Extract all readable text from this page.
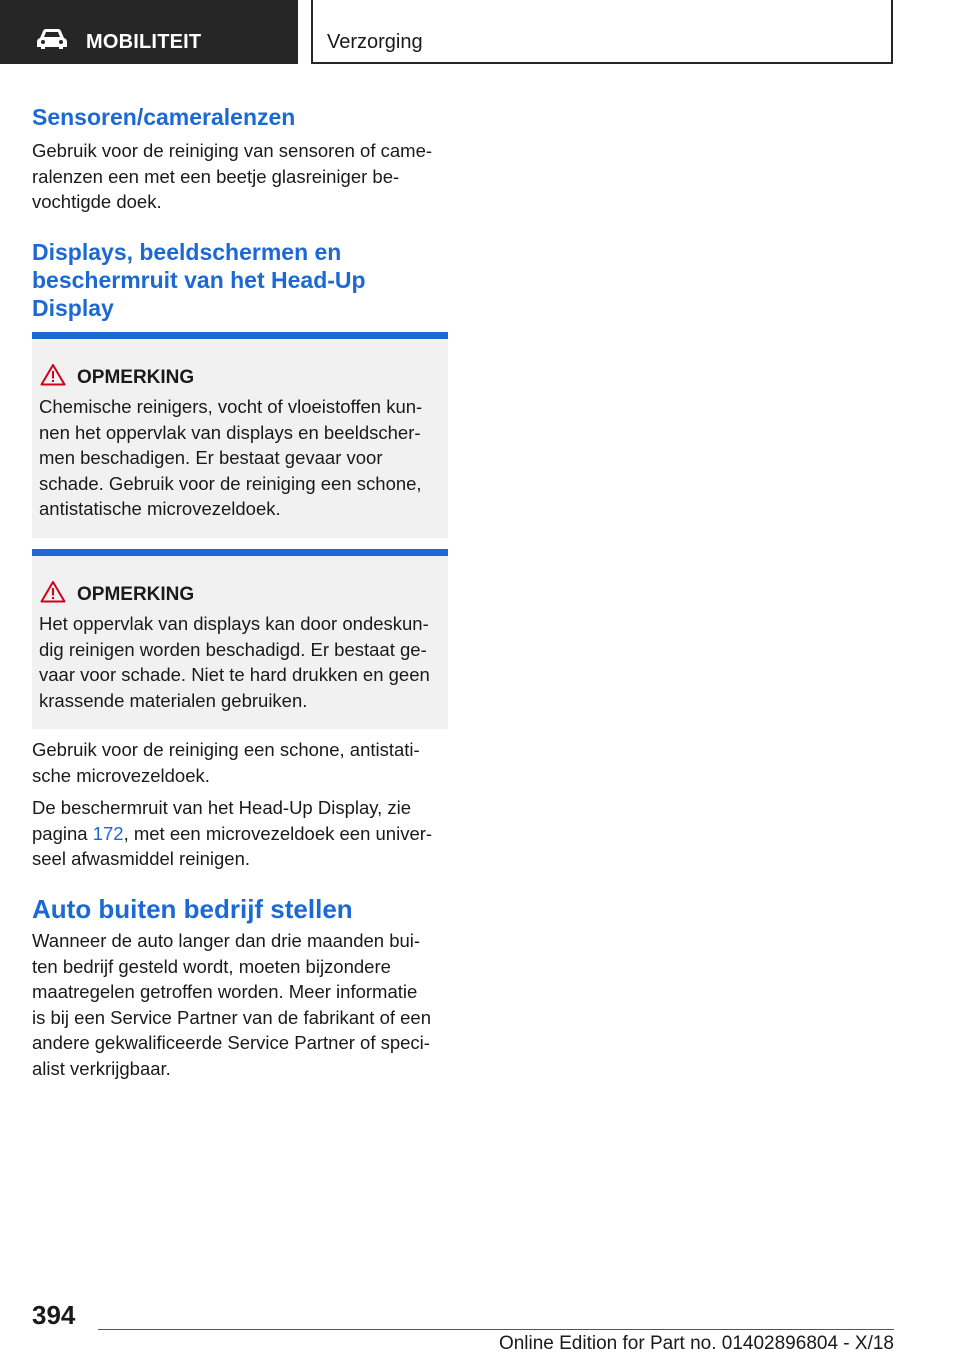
MOBILITEIT	Verzorging
Sensoren/cameralenzen

Gebruik voor de reiniging van sensoren of came‐

ralenzen een met een beetje glasreiniger be‐

vochtigde doek.

Displays, beeldschermen en
beschermruit van het Head-Up
Display
OPMERKING

Chemische reinigers, vocht of vloeistoffen kun‐

nen het oppervlak van displays en beeldscher‐

men beschadigen. Er bestaat gevaar voor

schade. Gebruik voor de reiniging een schone,

antistatische microvezeldoek.

OPMERKING

Het oppervlak van displays kan door ondeskun‐

dig reinigen worden beschadigd. Er bestaat ge‐

vaar voor schade. Niet te hard drukken en geen

krassende materialen gebruiken.

Gebruik voor de reiniging een schone, antistati‐

sche microvezeldoek.

De beschermruit van het Head-Up Display, zie

pagina 172, met een microvezeldoek een univer‐

seel afwasmiddel reinigen.

Auto buiten bedrijf stellen

Wanneer de auto langer dan drie maanden bui‐

ten bedrijf gesteld wordt, moeten bijzondere

maatregelen getroffen worden. Meer informatie

is bij een Service Partner van de fabrikant of een

andere gekwalificeerde Service Partner of speci‐

alist verkrijgbaar.

394
Online Edition for Part no. 01402896804 - X/18
